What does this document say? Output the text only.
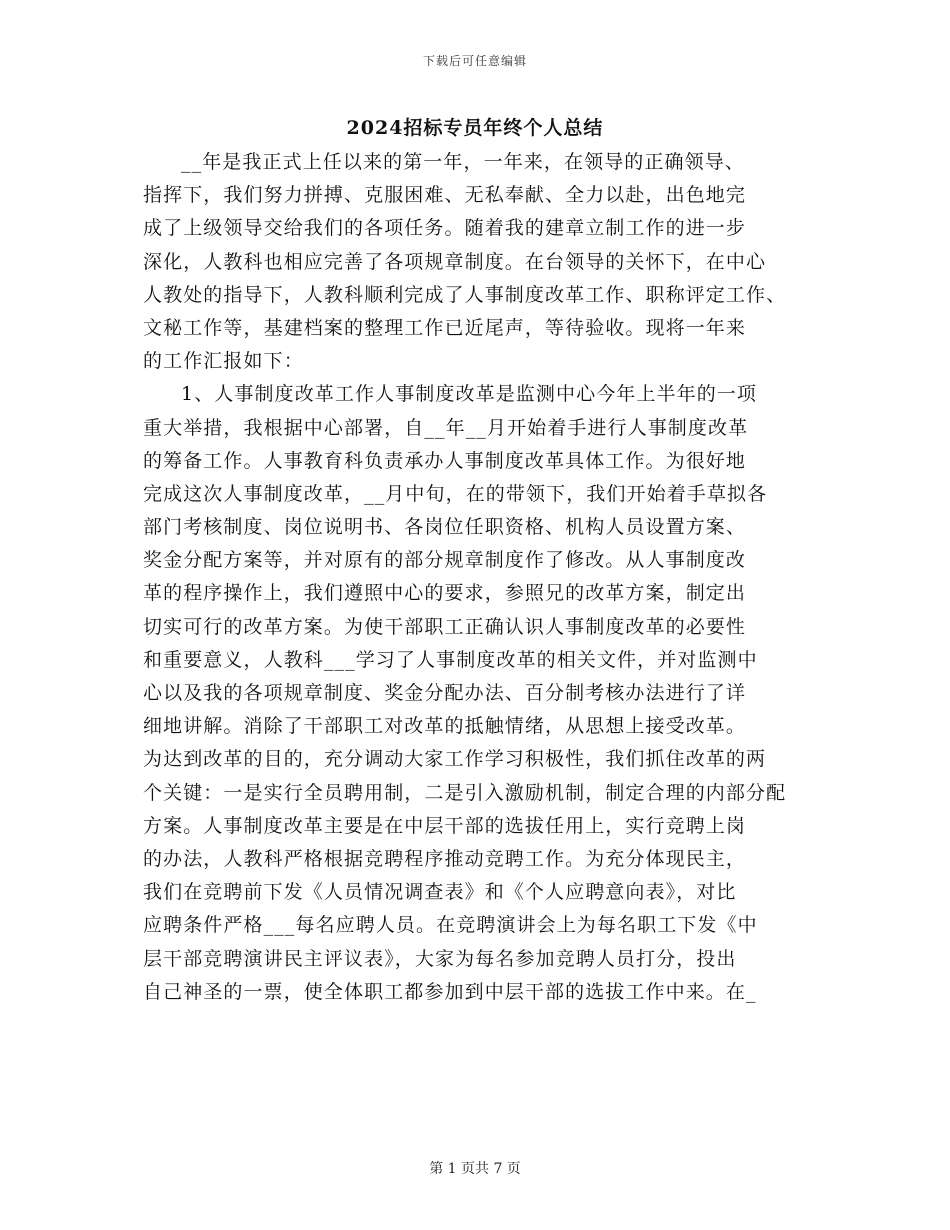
下载后可任意编辑
2024招标专员年终个人总结
__年是我正式上任以来的第一年，一年来，在领导的正确领导、
指挥下，我们努力拼搏、克服困难、无私奉献、全力以赴，出色地完
成了上级领导交给我们的各项任务。随着我的建章立制工作的进一步
深化，人教科也相应完善了各项规章制度。在台领导的关怀下，在中心
人教处的指导下，人教科顺利完成了人事制度改革工作、职称评定工作、
文秘工作等，基建档案的整理工作已近尾声，等待验收。现将一年来
的工作汇报如下：
1、人事制度改革工作人事制度改革是监测中心今年上半年的一项
重大举措，我根据中心部署，自__年__月开始着手进行人事制度改革
的筹备工作。人事教育科负责承办人事制度改革具体工作。为很好地
完成这次人事制度改革，__月中旬，在的带领下，我们开始着手草拟各
部门考核制度、岗位说明书、各岗位任职资格、机构人员设置方案、
奖金分配方案等，并对原有的部分规章制度作了修改。从人事制度改
革的程序操作上，我们遵照中心的要求，参照兄的改革方案，制定出
切实可行的改革方案。为使干部职工正确认识人事制度改革的必要性
和重要意义，人教科___学习了人事制度改革的相关文件，并对监测中
心以及我的各项规章制度、奖金分配办法、百分制考核办法进行了详
细地讲解。消除了干部职工对改革的抵触情绪，从思想上接受改革。
为达到改革的目的，充分调动大家工作学习积极性，我们抓住改革的两
个关键：一是实行全员聘用制，二是引入激励机制，制定合理的内部分配
方案。人事制度改革主要是在中层干部的选拔任用上，实行竞聘上岗
的办法，人教科严格根据竞聘程序推动竞聘工作。为充分体现民主，
我们在竞聘前下发《人员情况调查表》和《个人应聘意向表》，对比
应聘条件严格___每名应聘人员。在竞聘演讲会上为每名职工下发《中
层干部竞聘演讲民主评议表》，大家为每名参加竞聘人员打分，投出
自己神圣的一票，使全体职工都参加到中层干部的选拔工作中来。在_
第 1 页共 7 页
